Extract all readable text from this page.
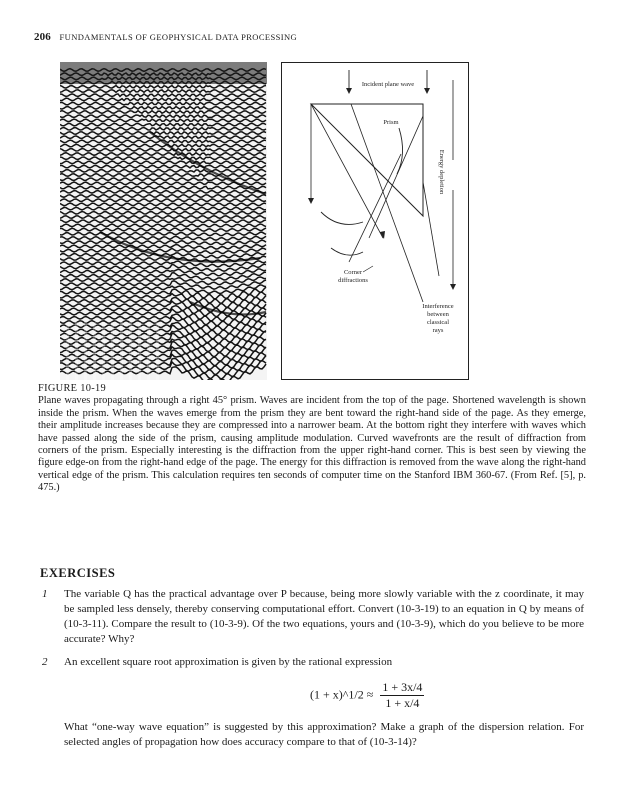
206 FUNDAMENTALS OF GEOPHYSICAL DATA PROCESSING
Incident plane wave
Prism
Energy depletion
Corner
diffractions
Interference
between
classical
rays
FIGURE 10-19
Plane waves propagating through a right 45° prism. Waves are incident from the top of the page. Shortened wavelength is shown inside the prism. When the waves emerge from the prism they are bent toward the right-hand side of the page. As they emerge, their amplitude increases because they are compressed into a narrower beam. At the bottom right they interfere with waves which have passed along the side of the prism, causing amplitude modulation. Curved wavefronts are the result of diffraction from corners of the prism. Especially interesting is the diffraction from the upper right-hand corner. This is best seen by viewing the figure edge-on from the right-hand edge of the page. The energy for this diffraction is removed from the wave along the right-hand vertical edge of the prism. This calculation requires ten seconds of computer time on the Stanford IBM 360-67. (From Ref. [5], p. 475.)
EXERCISES
1 The variable Q has the practical advantage over P because, being more slowly variable with the z coordinate, it may be sampled less densely, thereby conserving computational effort. Convert (10-3-19) to an equation in Q by means of (10-3-11). Compare the result to (10-3-9). Of the two equations, yours and (10-3-9), which do you believe to be more accurate? Why?
2 An excellent square root approximation is given by the rational expression
(1 + x)^1/2 ≈ $\frac{1 + 3x/4}{1 + x/4}$
What “one-way wave equation” is suggested by this approximation? Make a graph of the dispersion relation. For selected angles of propagation how does accuracy compare to that of (10-3-14)?
